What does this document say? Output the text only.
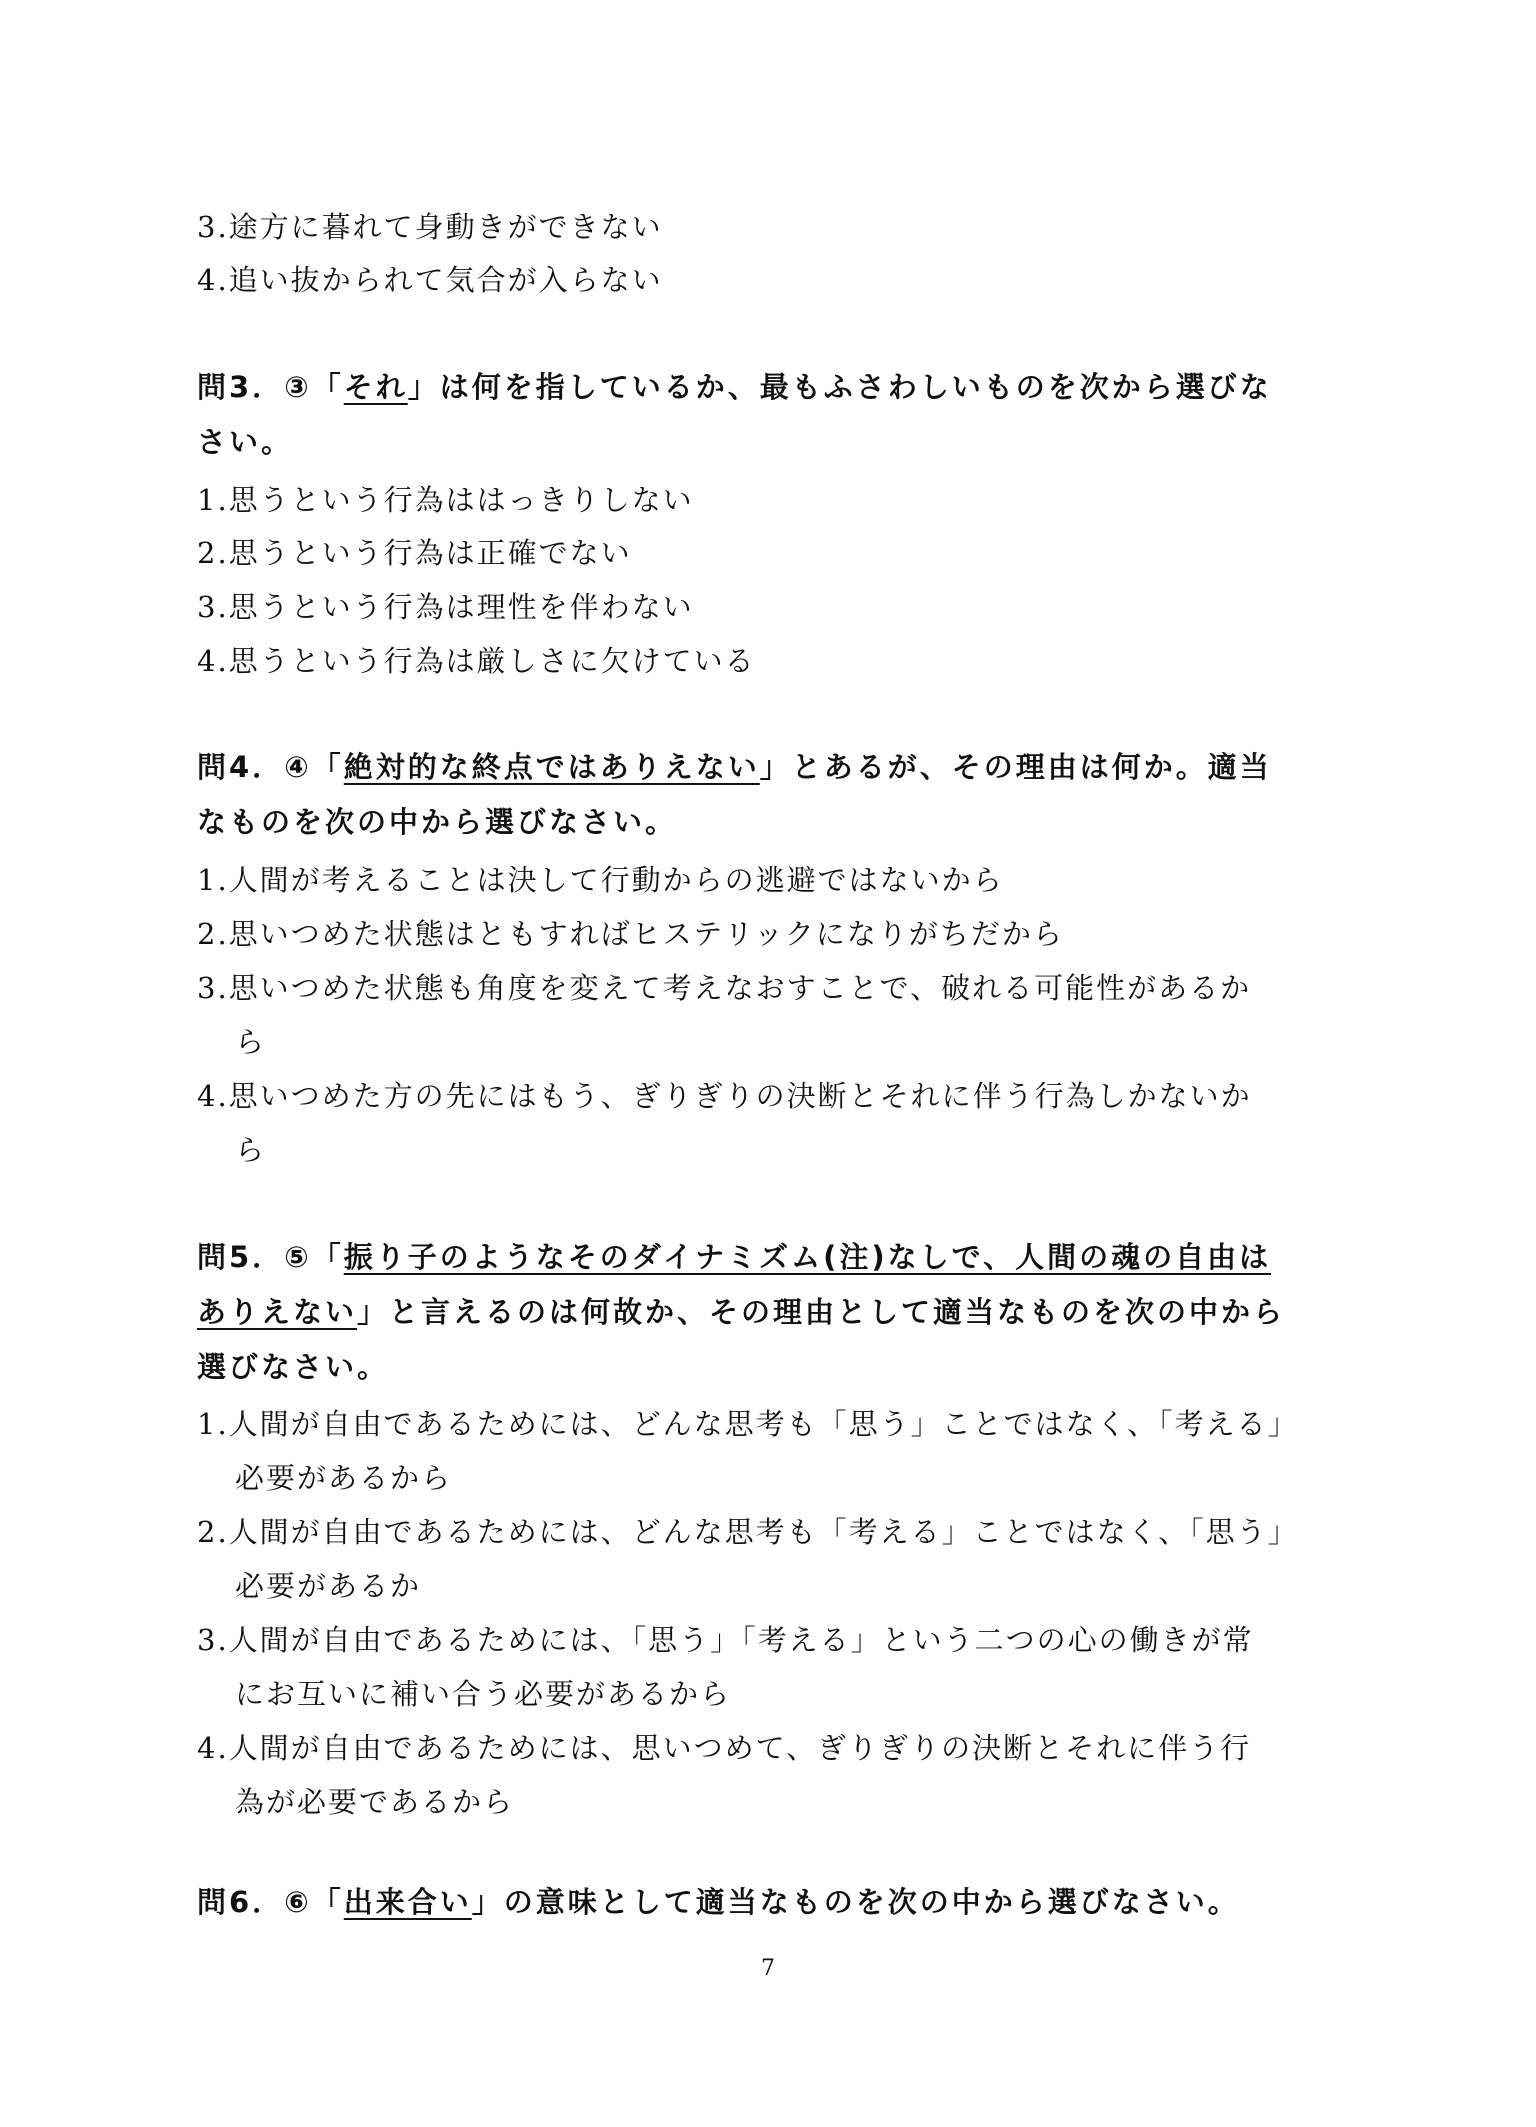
3.途方に暮れて身動きができない
4.追い抜かられて気合が入らない
問3．③「それ」は何を指しているか、最もふさわしいものを次から選びな
さい。
1.思うという行為ははっきりしない
2.思うという行為は正確でない
3.思うという行為は理性を伴わない
4.思うという行為は厳しさに欠けている
問4．④「絶対的な終点ではありえない」とあるが、その理由は何か。適当
なものを次の中から選びなさい。
1.人間が考えることは決して行動からの逃避ではないから
2.思いつめた状態はともすればヒステリックになりがちだから
3.思いつめた状態も角度を変えて考えなおすことで、破れる可能性があるか
ら
4.思いつめた方の先にはもう、ぎりぎりの決断とそれに伴う行為しかないか
ら
問5．⑤「振り子のようなそのダイナミズム(注)なしで、人間の魂の自由は
ありえない」と言えるのは何故か、その理由として適当なものを次の中から
選びなさい。
1.人間が自由であるためには、どんな思考も「思う」ことではなく、「考える」
必要があるから
2.人間が自由であるためには、どんな思考も「考える」ことではなく、「思う」
必要があるか
3.人間が自由であるためには、「思う」「考える」という二つの心の働きが常
にお互いに補い合う必要があるから
4.人間が自由であるためには、思いつめて、ぎりぎりの決断とそれに伴う行
為が必要であるから
問6．⑥「出来合い」の意味として適当なものを次の中から選びなさい。
7
